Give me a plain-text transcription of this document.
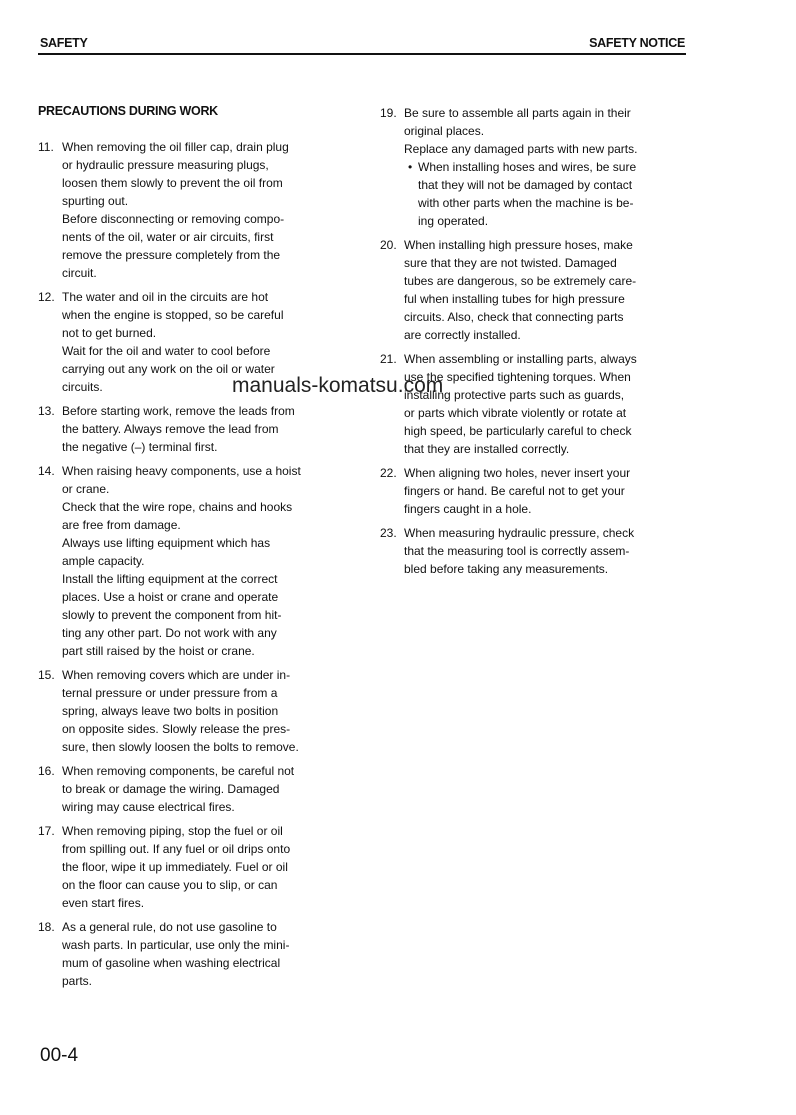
SAFETY	SAFETY NOTICE
PRECAUTIONS DURING WORK
11. When removing the oil filler cap, drain plug
or hydraulic pressure measuring plugs,
loosen them slowly to prevent the oil from
spurting out.
Before disconnecting or removing compo-
nents of the oil, water or air circuits, first
remove the pressure completely from the
circuit.
12. The water and oil in the circuits are hot
when the engine is stopped, so be careful
not to get burned.
Wait for the oil and water to cool before
carrying out any work on the oil or water
circuits.
13. Before starting work, remove the leads from
the battery. Always remove the lead from
the negative (–) terminal first.
14. When raising heavy components, use a hoist
or crane.
Check that the wire rope, chains and hooks
are free from damage.
Always use lifting equipment which has
ample capacity.
Install the lifting equipment at the correct
places. Use a hoist or crane and operate
slowly to prevent the component from hit-
ting any other part. Do not work with any
part still raised by the hoist or crane.
15. When removing covers which are under in-
ternal pressure or under pressure from a
spring, always leave two bolts in position
on opposite sides. Slowly release the pres-
sure, then slowly loosen the bolts to remove.
16. When removing components, be careful not
to break or damage the wiring. Damaged
wiring may cause electrical fires.
17. When removing piping, stop the fuel or oil
from spilling out. If any fuel or oil drips onto
the floor, wipe it up immediately. Fuel or oil
on the floor can cause you to slip, or can
even start fires.
18. As a general rule, do not use gasoline to
wash parts. In particular, use only the mini-
mum of gasoline when washing electrical
parts.
19. Be sure to assemble all parts again in their
original places.
Replace any damaged parts with new parts.
• When installing hoses and wires, be sure
that they will not be damaged by contact
with other parts when the machine is be-
ing operated.
20. When installing high pressure hoses, make
sure that they are not twisted. Damaged
tubes are dangerous, so be extremely care-
ful when installing tubes for high pressure
circuits. Also, check that connecting parts
are correctly installed.
21. When assembling or installing parts, always
use the specified tightening torques. When
installing protective parts such as guards,
or parts which vibrate violently or rotate at
high speed, be particularly careful to check
that they are installed correctly.
22. When aligning two holes, never insert your
fingers or hand. Be careful not to get your
fingers caught in a hole.
23. When measuring hydraulic pressure, check
that the measuring tool is correctly assem-
bled before taking any measurements.
manuals-komatsu.com
00-4
